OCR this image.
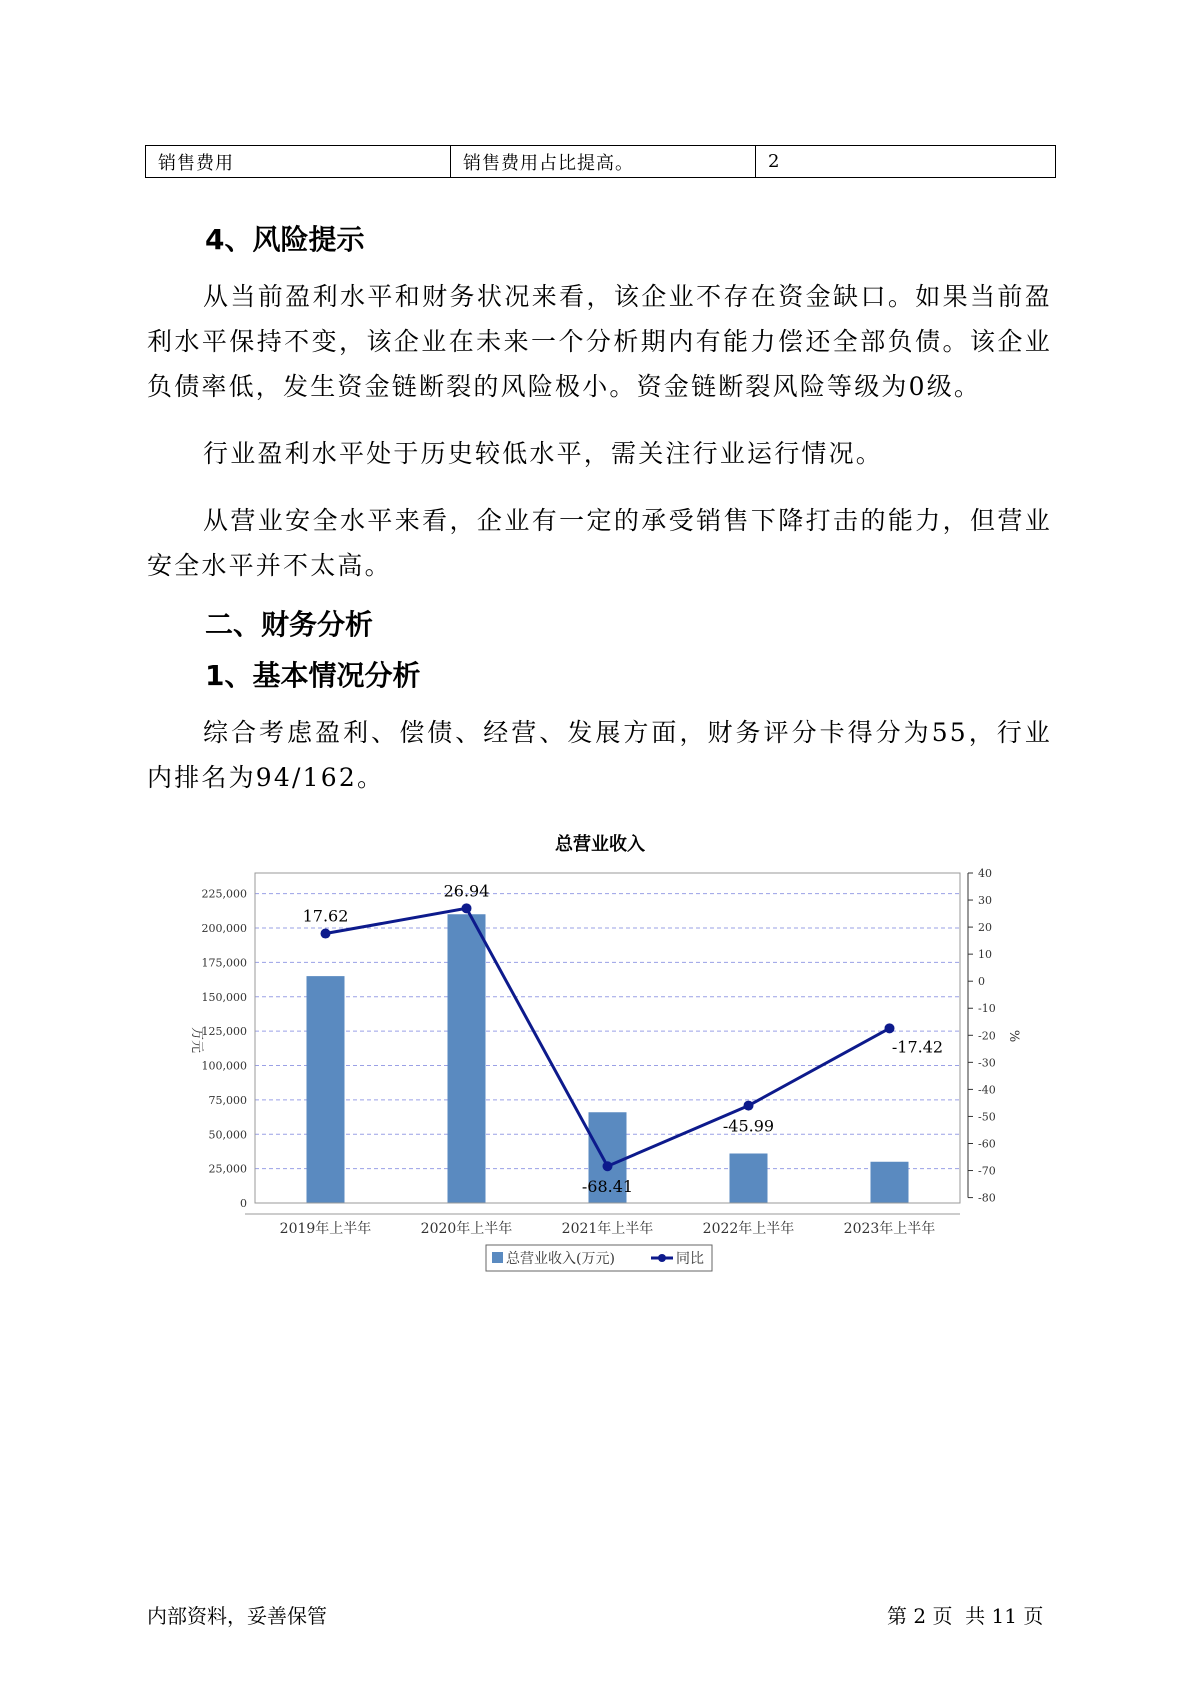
销售费用	销售费用占比提高。	2
4、风险提示

从当前盈利水平和财务状况来看，该企业不存在资金缺口。如果当前盈利水平保持不变，该企业在未来一个分析期内有能力偿还全部负债。该企业负债率低，发生资金链断裂的风险极小。资金链断裂风险等级为0级。

行业盈利水平处于历史较低水平，需关注行业运行情况。

从营业安全水平来看，企业有一定的承受销售下降打击的能力，但营业安全水平并不太高。

二、财务分析
1、基本情况分析

综合考虑盈利、偿债、经营、发展方面，财务评分卡得分为55，行业内排名为94/162。

总营业收入
0
25,000
50,000
75,000
100,000
125,000
150,000
175,000
200,000
225,000
40
30
20
10
0
-10
-20
-30
-40
-50
-60
-70
-80
万元	%
2019年上半年	2020年上半年	2021年上半年	2022年上半年	2023年上半年
17.62
26.94
-68.41
-45.99
-17.42
总营业收入(万元)	同比
内部资料，妥善保管	第 2 页  共 11 页
